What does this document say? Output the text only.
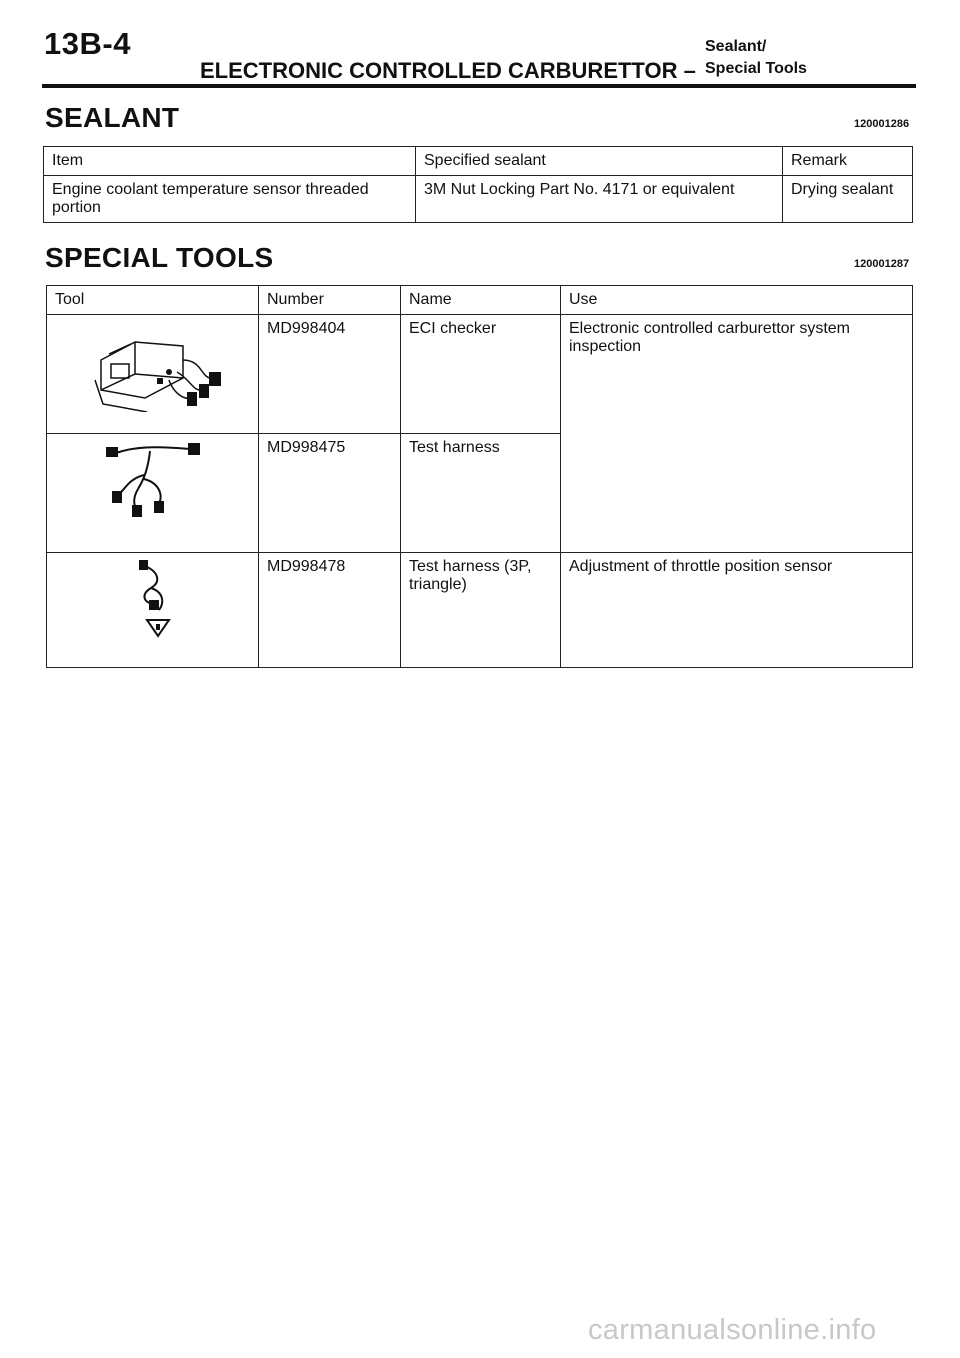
13B-4
ELECTRONIC CONTROLLED CARBURETTOR –
Sealant/
Special Tools
SEALANT	120001286
Item	Specified sealant	Remark
Engine coolant temperature sensor threaded portion	3M Nut Locking Part No. 4171 or equivalent	Drying sealant
SPECIAL TOOLS	120001287
Tool	Number	Name	Use

	MD998404	ECI checker	Electronic controlled carburettor system inspection

	MD998475	Test harness	

	MD998478	Test harness (3P, triangle)	Adjustment of throttle position sensor
carmanualsonline.info
